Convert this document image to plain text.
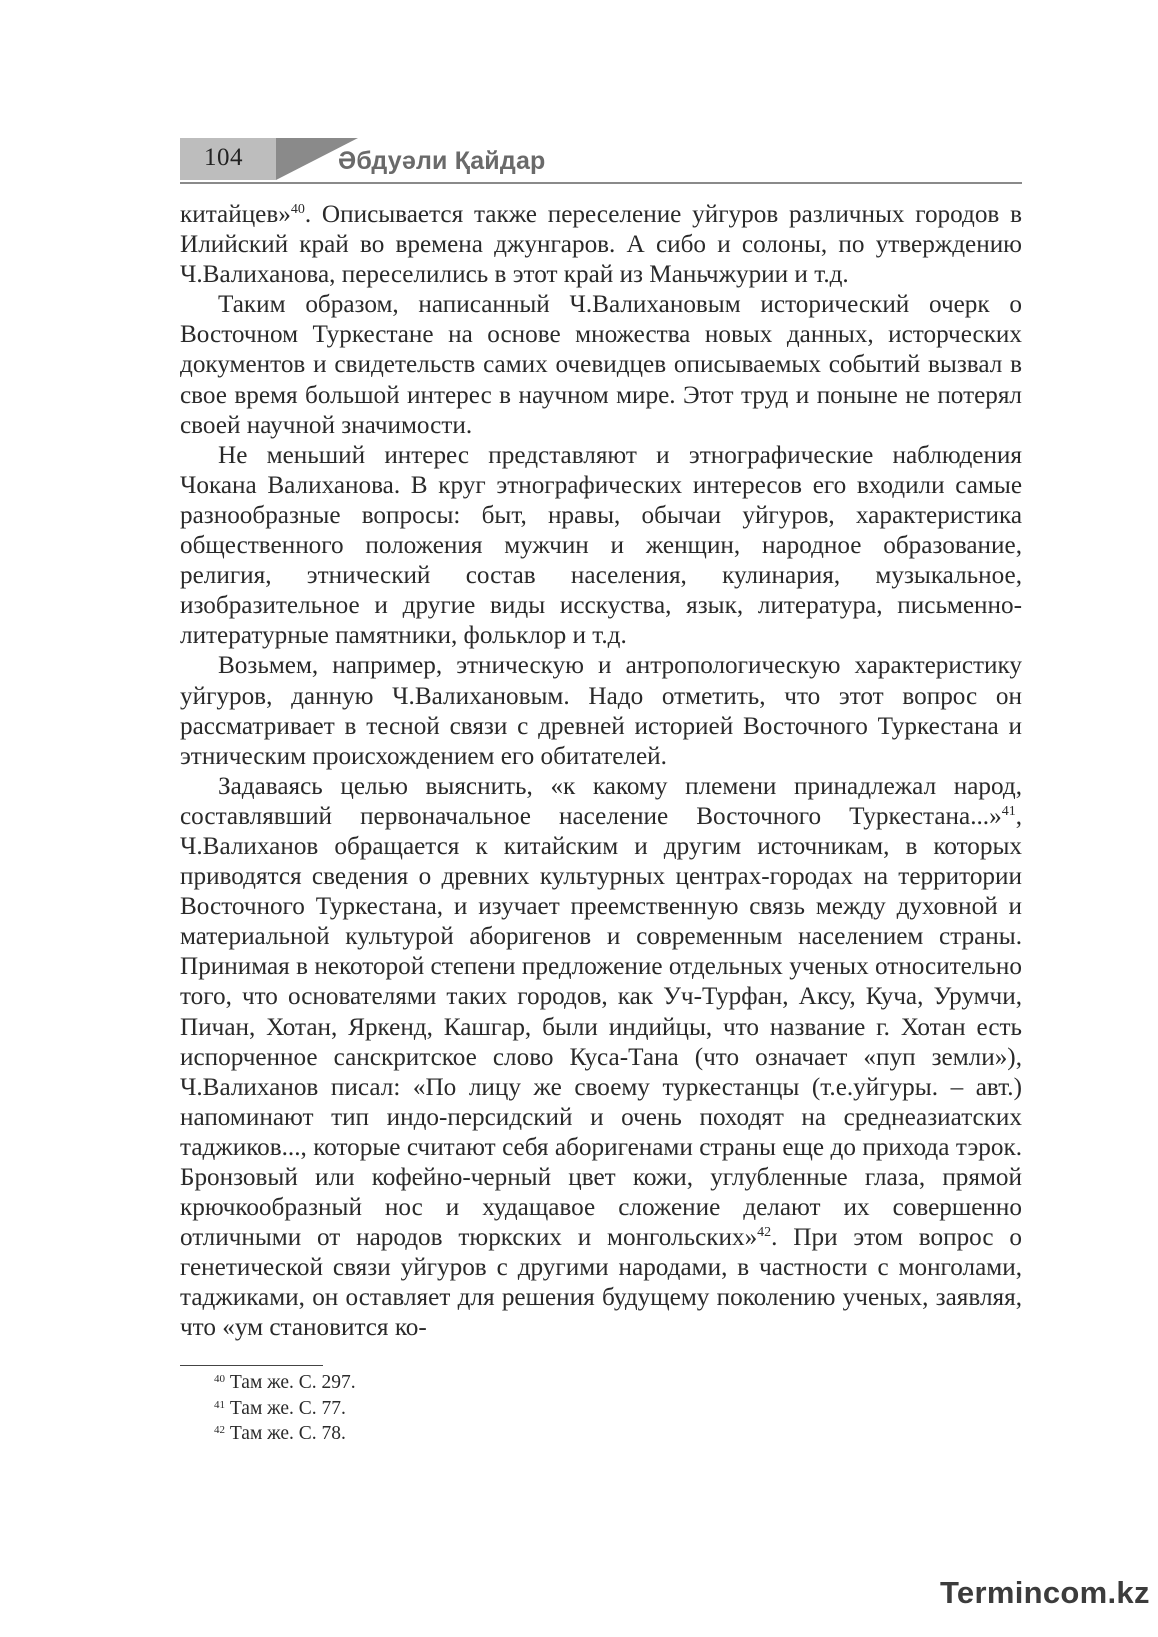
104	Әбдуәли Қайдар

китайцев»$^{40}$. Описывается также переселение уйгуров различных городов в Илийский край во времена джунгаров. А сибо и солоны, по утверждению Ч.Валиханова, переселились в этот край из Маньчжурии и т.д.

Таким образом, написанный Ч.Валихановым исторический очерк о Восточном Туркестане на основе множества новых данных, исторческих документов и свидетельств самих очевидцев описываемых событий вызвал в свое время большой интерес в научном мире. Этот труд и поныне не потерял своей научной значимости.

Не меньший интерес представляют и этнографические наблюдения Чокана Валиханова. В круг этнографических интересов его входили самые разнообразные вопросы: быт, нравы, обычаи уйгуров, характеристика общественного положения мужчин и женщин, народное образование, религия, этнический состав населения, кулинария, музыкальное, изобразительное и другие виды исскуства, язык, литература, письменно-литературные памятники, фольклор и т.д.

Возьмем, например, этническую и антропологическую характеристику уйгуров, данную Ч.Валихановым. Надо отметить, что этот вопрос он рассматривает в тесной связи с древней историей Восточного Туркестана и этническим происхождением его обитателей.

Задаваясь целью выяснить, «к какому племени принадлежал народ, составлявший первоначальное население Восточного Туркестана...»$^{41}$, Ч.Валиханов обращается к китайским и другим источникам, в которых приводятся сведения о древних культурных центрах-городах на территории Восточного Туркестана, и изучает преемственную связь между духовной и материальной культурой аборигенов и современным населением страны. Принимая в некоторой степени предложение отдельных ученых относительно того, что основателями таких городов, как Уч-Турфан, Аксу, Куча, Урумчи, Пичан, Хотан, Яркенд, Кашгар, были индийцы, что название г. Хотан есть испорченное санскритское слово Куса-Тана (что означает «пуп земли»), Ч.Валиханов писал: «По лицу же своему туркестанцы (т.е.уйгуры. – авт.) напоминают тип индо-персидский и очень походят на среднеазиатских таджиков..., которые считают себя аборигенами страны еще до прихода тэрок. Бронзовый или кофейно-черный цвет кожи, углубленные глаза, прямой крючкообразный нос и худащавое сложение делают их совершенно отличными от народов тюркских и монгольских»$^{42}$. При этом вопрос о генетической связи уйгуров с другими народами, в частности с монголами, таджиками, он оставляет для решения будущему поколению ученых, заявляя, что «ум становится ко-

$^{40}$ Там же. С. 297.
$^{41}$ Там же. С. 77.
$^{42}$ Там же. С. 78.
Termincom.kz
